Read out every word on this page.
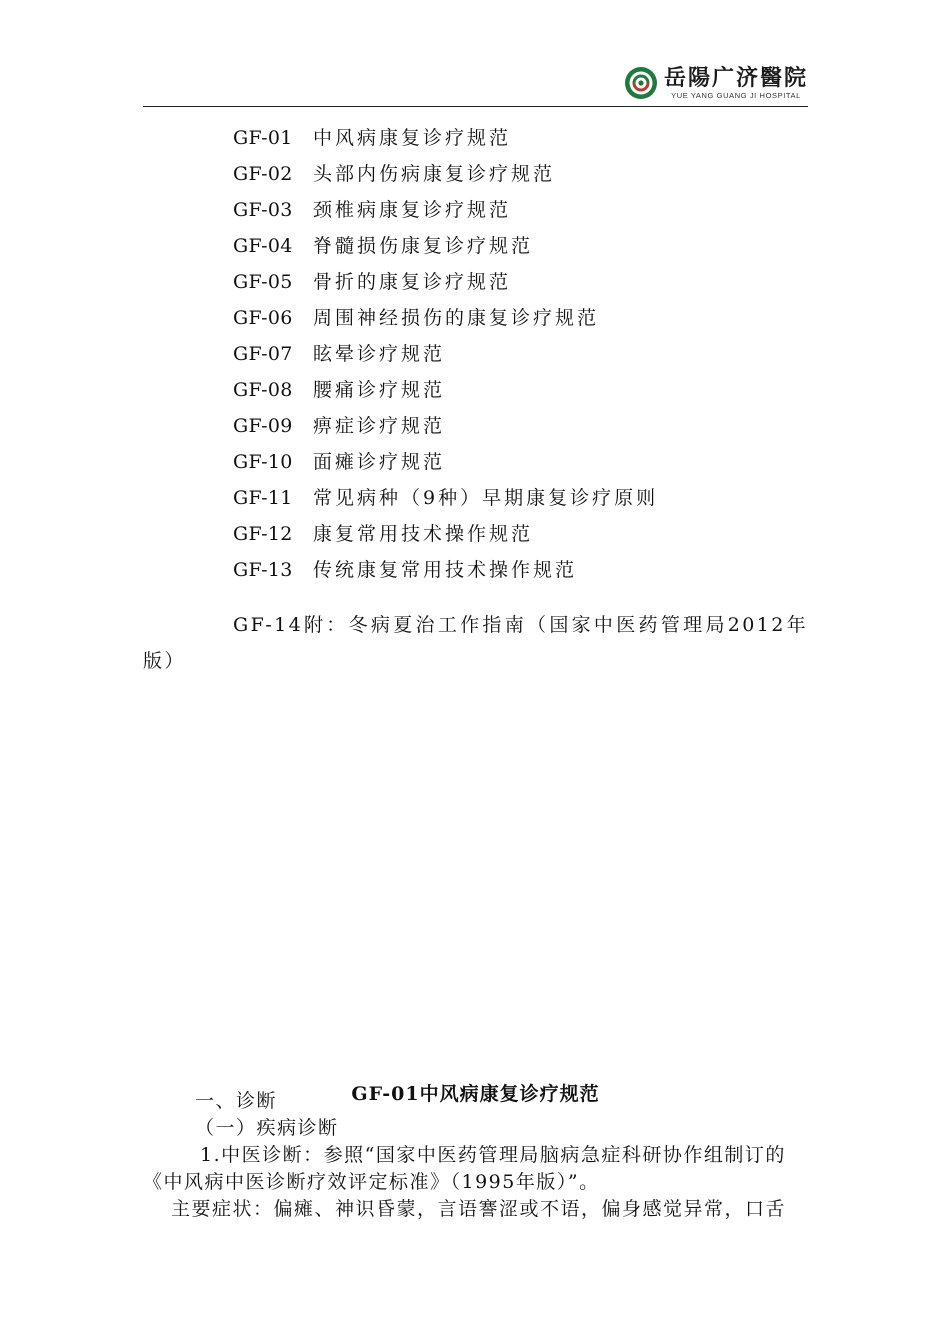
岳陽广济醫院
YUE YANG GUANG JI HOSPITAL
GF-01	中风病康复诊疗规范
GF-02	头部内伤病康复诊疗规范
GF-03	颈椎病康复诊疗规范
GF-04	脊髓损伤康复诊疗规范
GF-05	骨折的康复诊疗规范
GF-06	周围神经损伤的康复诊疗规范
GF-07	眩晕诊疗规范
GF-08	腰痛诊疗规范
GF-09	痹症诊疗规范
GF-10	面瘫诊疗规范
GF-11	常见病种（9种）早期康复诊疗原则
GF-12	康复常用技术操作规范
GF-13	传统康复常用技术操作规范

GF-14附：冬病夏治工作指南（国家中医药管理局2012年版）

GF-01中风病康复诊疗规范

一、诊断

（一）疾病诊断

1.中医诊断：参照“国家中医药管理局脑病急症科研协作组制订的《中风病中医诊断疗效评定标准》（1995年版）”。

主要症状：偏瘫、神识昏蒙，言语謇涩或不语，偏身感觉异常，口舌
